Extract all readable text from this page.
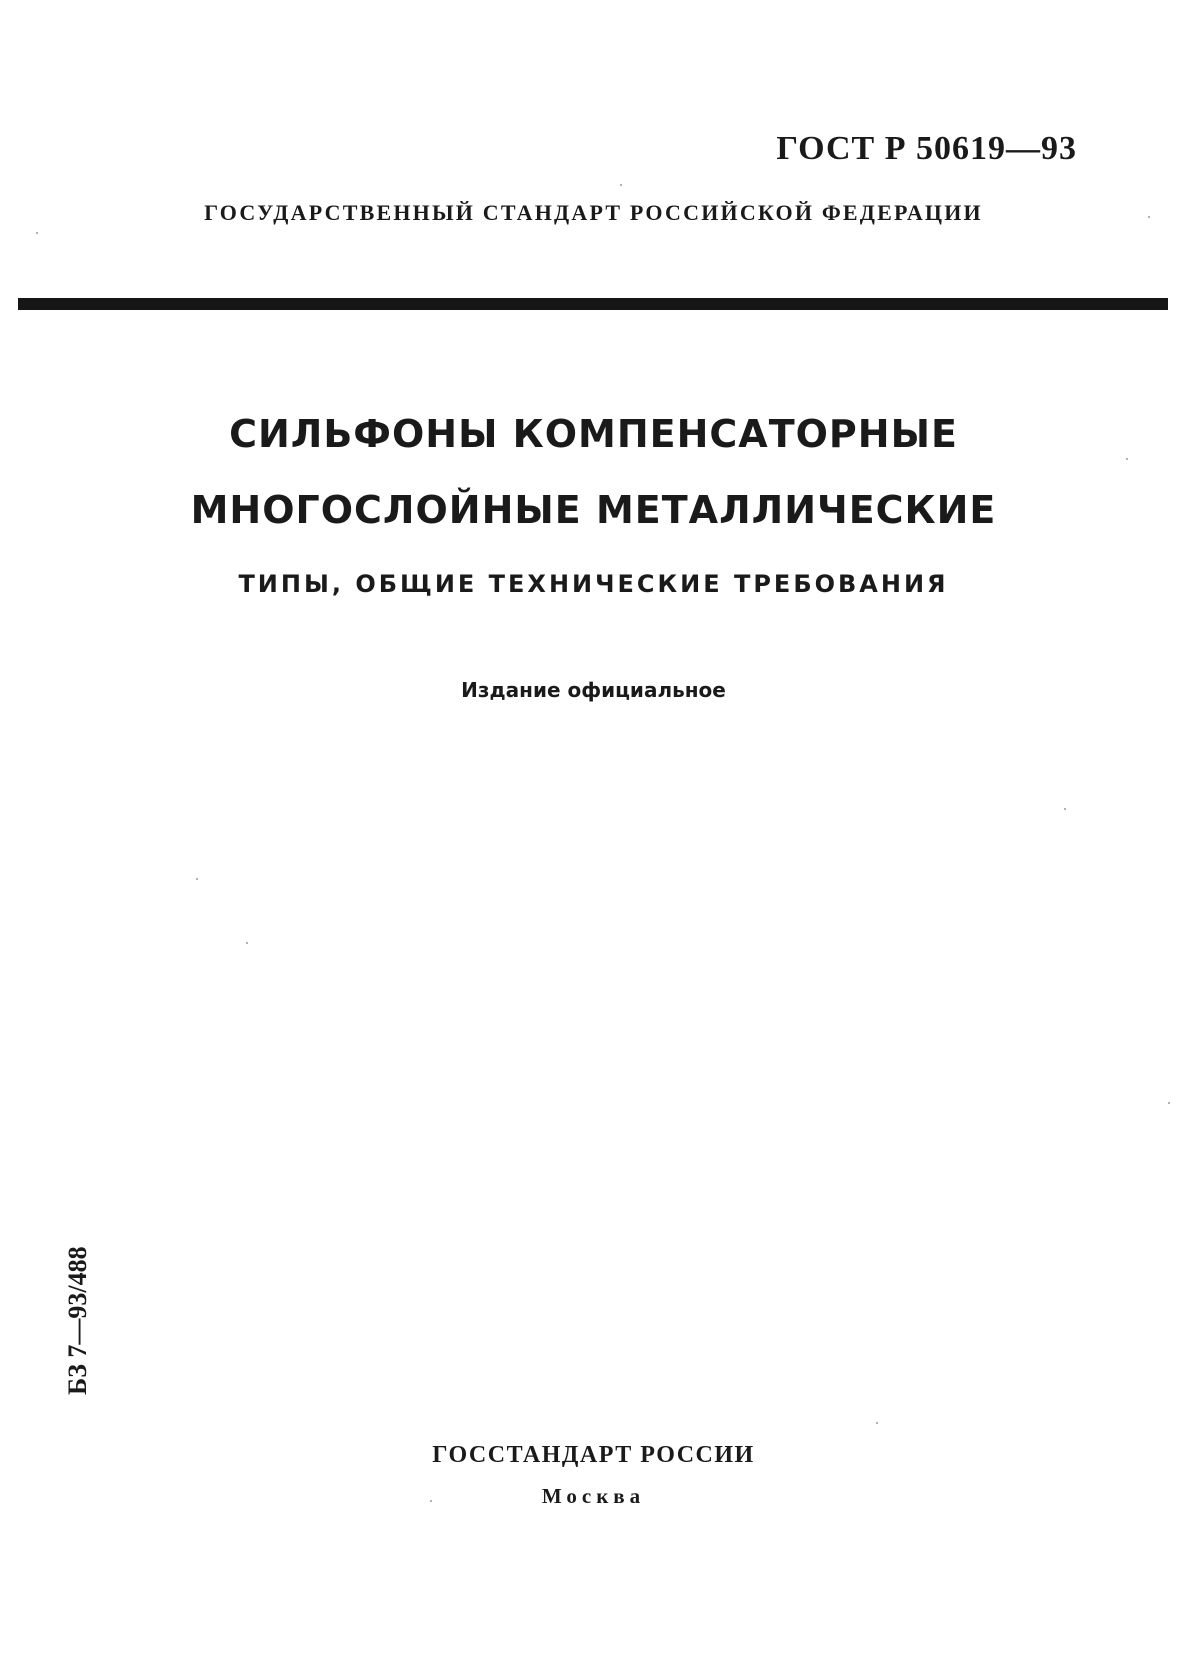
ГОСТ Р 50619—93
ГОСУДАРСТВЕННЫЙ СТАНДАРТ РОССИЙСКОЙ ФЕДЕРАЦИИ
СИЛЬФОНЫ КОМПЕНСАТОРНЫЕ
МНОГОСЛОЙНЫЕ МЕТАЛЛИЧЕСКИЕ
ТИПЫ, ОБЩИЕ ТЕХНИЧЕСКИЕ ТРЕБОВАНИЯ
Издание официальное
БЗ 7—93/488
ГОССТАНДАРТ РОССИИ
Москва
